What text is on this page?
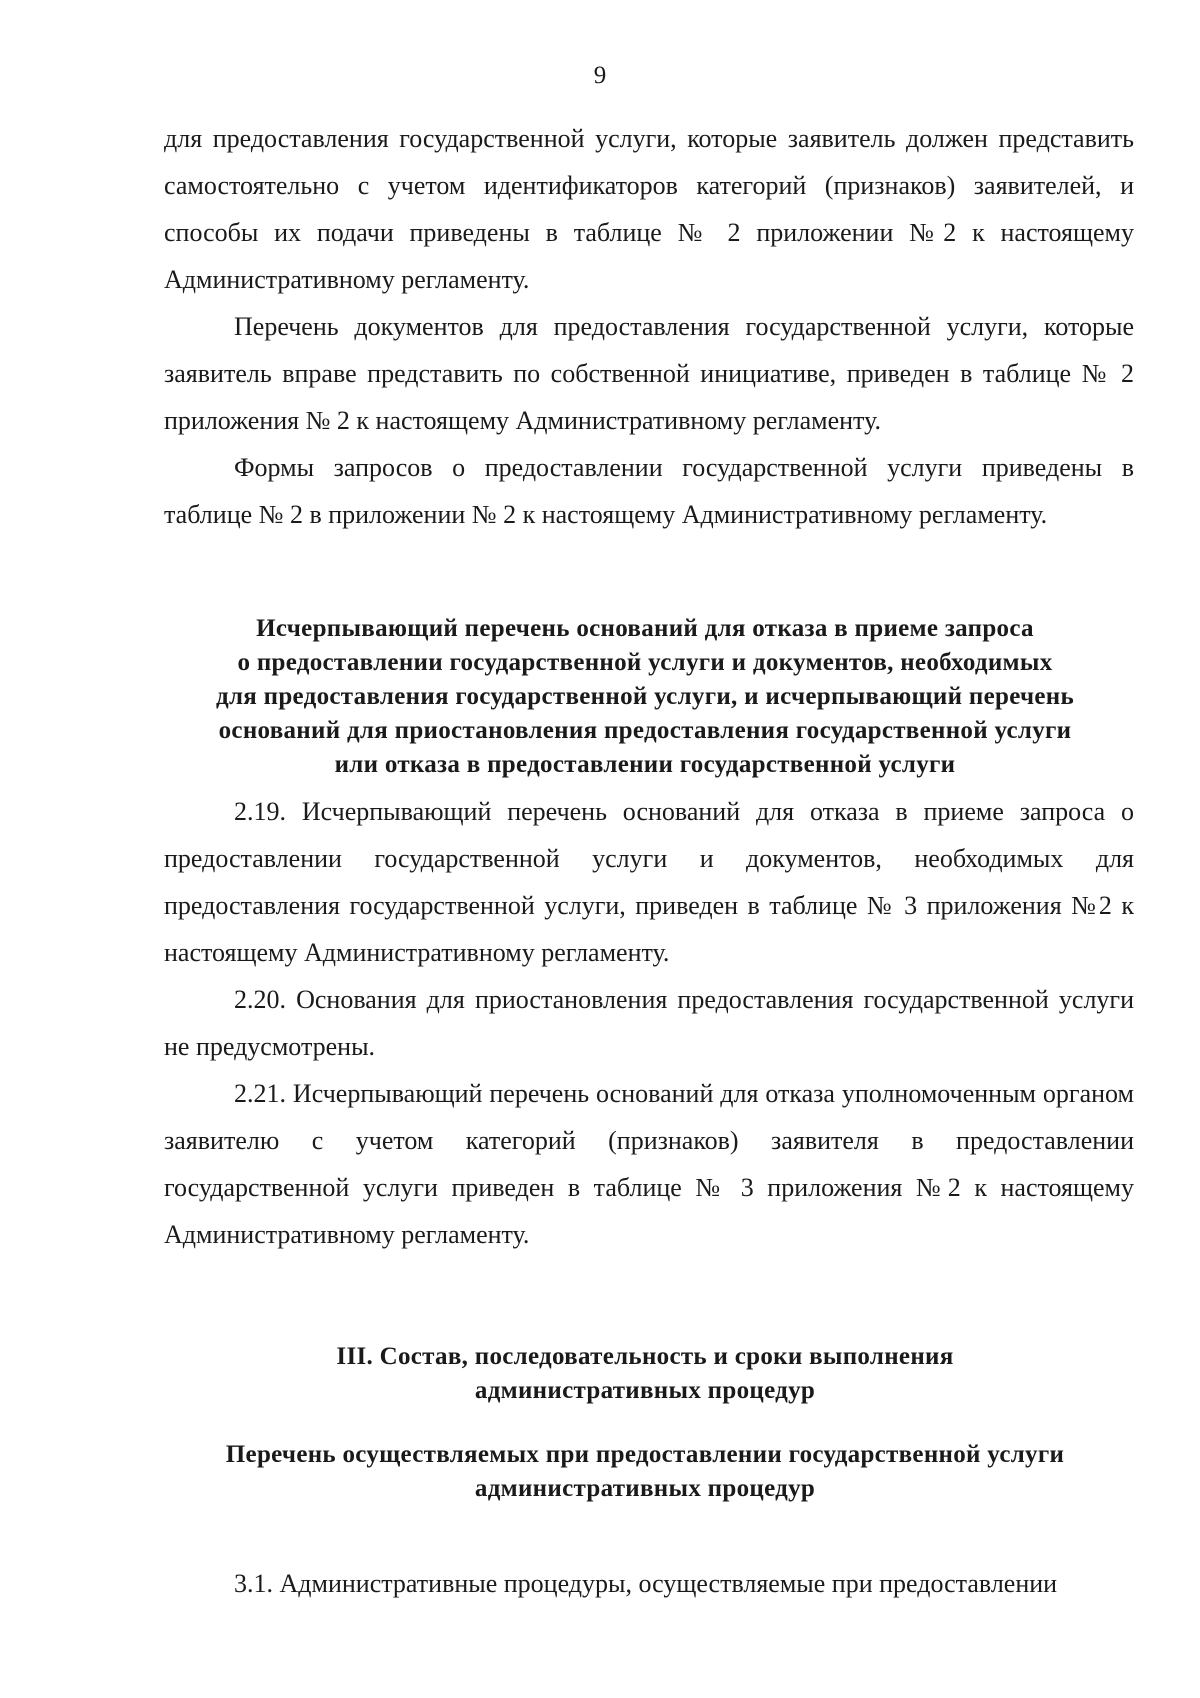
9

для предоставления государственной услуги, которые заявитель должен представить самостоятельно с учетом идентификаторов категорий (признаков) заявителей, и способы их подачи приведены в таблице № 2 приложении №2 к настоящему Административному регламенту.

Перечень документов для предоставления государственной услуги, которые заявитель вправе представить по собственной инициативе, приведен в таблице № 2 приложения № 2 к настоящему Административному регламенту.

Формы запросов о предоставлении государственной услуги приведены в таблице № 2 в приложении № 2 к настоящему Административному регламенту.

Исчерпывающий перечень оснований для отказа в приеме запроса
о предоставлении государственной услуги и документов, необходимых
для предоставления государственной услуги, и исчерпывающий перечень
оснований для приостановления предоставления государственной услуги
или отказа в предоставлении государственной услуги

2.19. Исчерпывающий перечень оснований для отказа в приеме запроса о предоставлении государственной услуги и документов, необходимых для предоставления государственной услуги, приведен в таблице № 3 приложения №2 к настоящему Административному регламенту.

2.20. Основания для приостановления предоставления государственной услуги не предусмотрены.

2.21. Исчерпывающий перечень оснований для отказа уполномоченным органом заявителю с учетом категорий (признаков) заявителя в предоставлении государственной услуги приведен в таблице № 3 приложения №2 к настоящему Административному регламенту.

III. Состав, последовательность и сроки выполнения
административных процедур
Перечень осуществляемых при предоставлении государственной услуги
административных процедур

3.1. Административные процедуры, осуществляемые при предоставлении
